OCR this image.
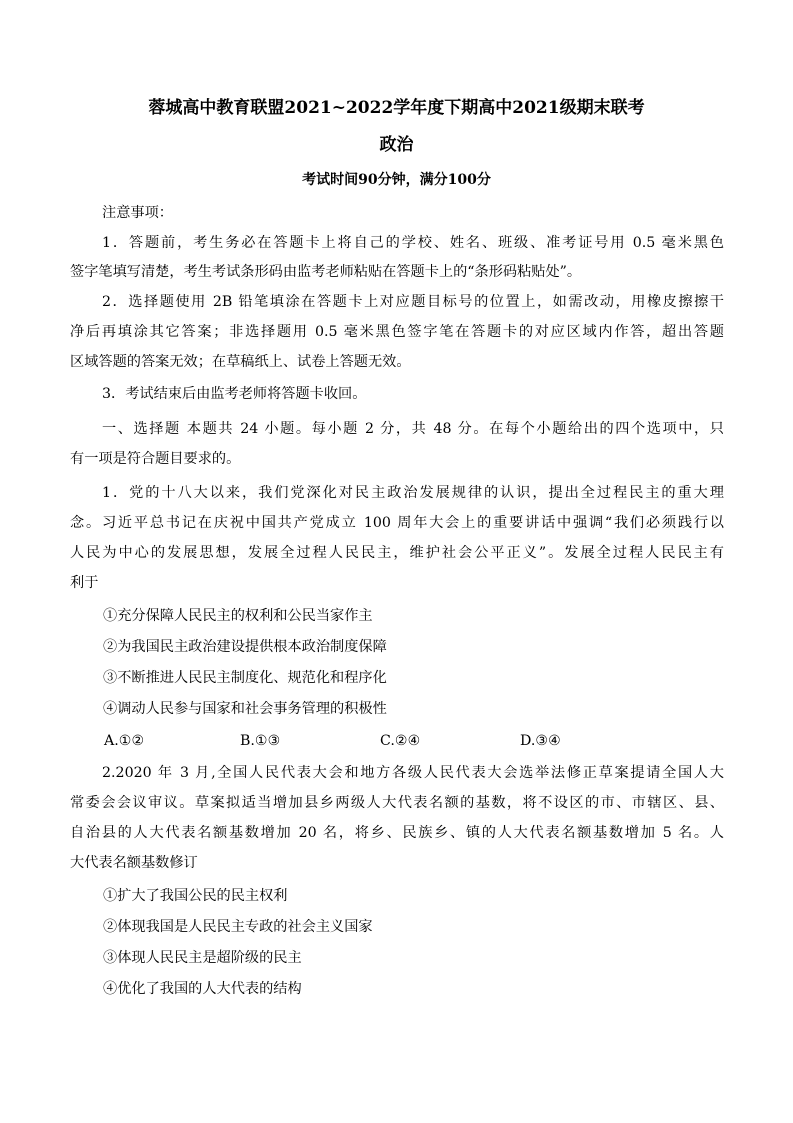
蓉城高中教育联盟2021~2022学年度下期高中2021级期末联考
政治
考试时间90分钟，满分100分
注意事项：
1．答题前，考生务必在答题卡上将自己的学校、姓名、班级、准考证号用 0.5 毫米黑色
签字笔填写清楚，考生考试条形码由监考老师粘贴在答题卡上的“条形码粘贴处”。
2．选择题使用 2B 铅笔填涂在答题卡上对应题目标号的位置上，如需改动，用橡皮擦擦干
净后再填涂其它答案；非选择题用 0.5 毫米黑色签字笔在答题卡的对应区域内作答，超出答题
区域答题的答案无效；在草稿纸上、试卷上答题无效。
3．考试结束后由监考老师将答题卡收回。
一、选择题 本题共 24 小题。每小题 2 分，共 48 分。在每个小题给出的四个选项中，只
有一项是符合题目要求的。
1．党的十八大以来，我们党深化对民主政治发展规律的认识，提出全过程民主的重大理
念。习近平总书记在庆祝中国共产党成立 100 周年大会上的重要讲话中强调“我们必须践行以
人民为中心的发展思想，发展全过程人民民主，维护社会公平正义”。发展全过程人民民主有
利于
①充分保障人民民主的权利和公民当家作主
②为我国民主政治建设提供根本政治制度保障
③不断推进人民民主制度化、规范化和程序化
④调动人民参与国家和社会事务管理的积极性
A.①②	B.①③	C.②④	D.③④
2.2020 年 3 月,全国人民代表大会和地方各级人民代表大会选举法修正草案提请全国人大
常委会会议审议。草案拟适当增加县乡两级人大代表名额的基数，将不设区的市、市辖区、县、
自治县的人大代表名额基数增加 20 名，将乡、民族乡、镇的人大代表名额基数增加 5 名。人
大代表名额基数修订
①扩大了我国公民的民主权利
②体现我国是人民民主专政的社会主义国家
③体现人民民主是超阶级的民主
④优化了我国的人大代表的结构
